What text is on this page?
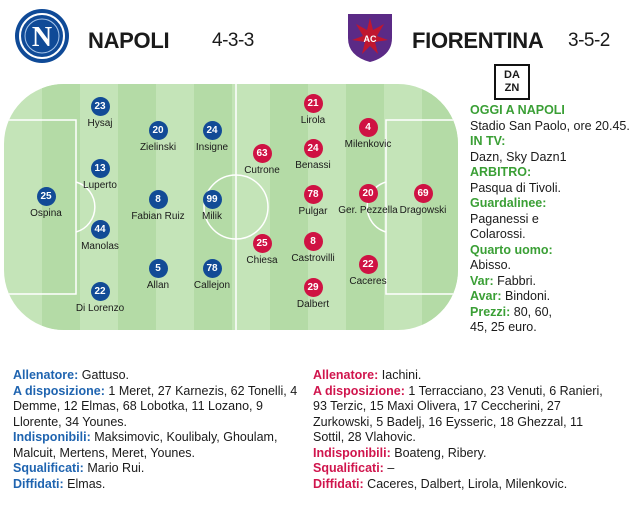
N NAPOLI 4-3-3	AC FIORENTINA 3-5-2
DA
ZN
25
Ospina
23
Hysaj
13
Luperto
44
Manolas
22
Di Lorenzo
20
Zielinski
8
Fabian Ruiz
5
Allan
24
Insigne
99
Milik
78
Callejon
69
Dragowski
4
Milenkovic
20
Ger. Pezzella
22
Caceres
21
Lirola
24
Benassi
78
Pulgar
8
Castrovilli
29
Dalbert
63
Cutrone
25
Chiesa
OGGI A NAPOLI
Stadio San Paolo, ore 20.45.
IN TV:
Dazn, Sky Dazn1
ARBITRO:
Pasqua di Tivoli.
Guardalinee:
Paganessi e Colarossi.
Quarto uomo:
Abisso.
Var: Fabbri.
Avar: Bindoni.
Prezzi: 80, 60, 45, 25 euro.
Allenatore: Gattuso.
A disposizione: 1 Meret, 27 Karnezis, 62 Tonelli, 4 Demme, 12 Elmas, 68 Lobotka, 11 Lozano, 9 Llorente, 34 Younes.
Indisponibili: Maksimovic, Koulibaly, Ghoulam, Malcuit, Mertens, Meret, Younes.
Squalificati: Mario Rui.
Diffidati: Elmas.
Allenatore: Iachini.
A disposizione: 1 Terracciano, 23 Venuti, 6 Ranieri, 93 Terzic, 15 Maxi Olivera, 17 Ceccherini, 27 Zurkowski, 5 Badelj, 16 Eysseric, 18 Ghezzal, 11 Sottil, 28 Vlahovic.
Indisponibili: Boateng, Ribery.
Squalificati: –
Diffidati: Caceres, Dalbert, Lirola, Milenkovic.
